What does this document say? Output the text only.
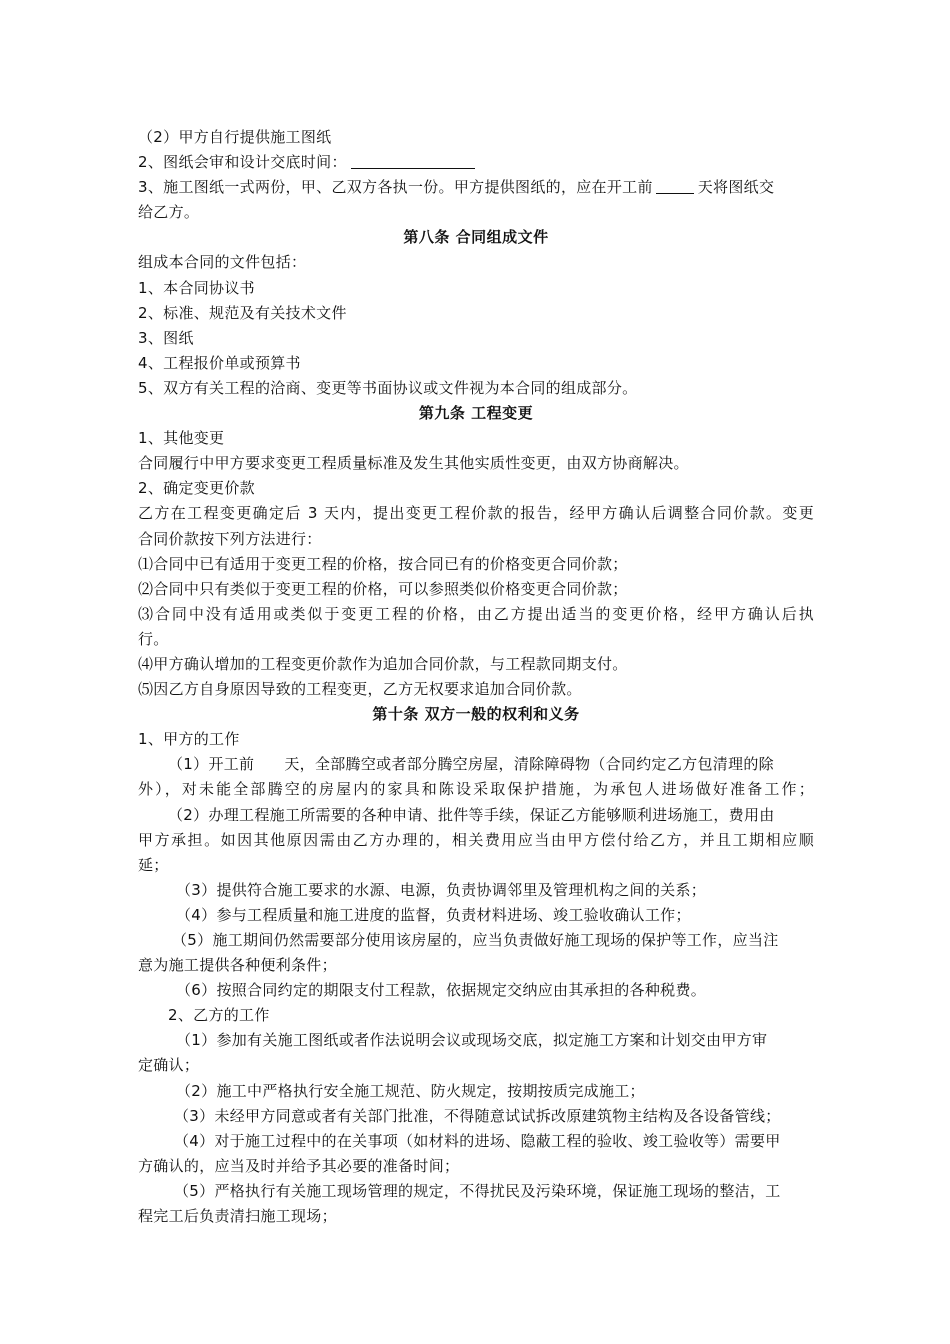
（2）甲方自行提供施工图纸
2、图纸会审和设计交底时间：
3、施工图纸一式两份，甲、乙双方各执一份。甲方提供图纸的，应在开工前	天将图纸交
给乙方。
第八条 合同组成文件
组成本合同的文件包括：
1、本合同协议书
2、标准、规范及有关技术文件
3、图纸
4、工程报价单或预算书
5、双方有关工程的洽商、变更等书面协议或文件视为本合同的组成部分。
第九条 工程变更
1、其他变更
合同履行中甲方要求变更工程质量标准及发生其他实质性变更，由双方协商解决。
2、确定变更价款
乙方在工程变更确定后 3 天内，提出变更工程价款的报告，经甲方确认后调整合同价款。变更
合同价款按下列方法进行：
⑴合同中已有适用于变更工程的价格，按合同已有的价格变更合同价款；
⑵合同中只有类似于变更工程的价格，可以参照类似价格变更合同价款；
⑶合同中没有适用或类似于变更工程的价格，由乙方提出适当的变更价格，经甲方确认后执
行。
⑷甲方确认增加的工程变更价款作为追加合同价款，与工程款同期支付。
⑸因乙方自身原因导致的工程变更，乙方无权要求追加合同价款。
第十条 双方一般的权利和义务
1、甲方的工作
（1）开工前 天，全部腾空或者部分腾空房屋，清除障碍物（合同约定乙方包清理的除
外），对未能全部腾空的房屋内的家具和陈设采取保护措施，为承包人进场做好准备工作；
（2）办理工程施工所需要的各种申请、批件等手续，保证乙方能够顺利进场施工，费用由
甲方承担。如因其他原因需由乙方办理的，相关费用应当由甲方偿付给乙方，并且工期相应顺
延；
（3）提供符合施工要求的水源、电源，负责协调邻里及管理机构之间的关系；
（4）参与工程质量和施工进度的监督，负责材料进场、竣工验收确认工作；
（5）施工期间仍然需要部分使用该房屋的，应当负责做好施工现场的保护等工作，应当注
意为施工提供各种便利条件；
（6）按照合同约定的期限支付工程款，依据规定交纳应由其承担的各种税费。
2、乙方的工作
（1）参加有关施工图纸或者作法说明会议或现场交底，拟定施工方案和计划交由甲方审
定确认；
（2）施工中严格执行安全施工规范、防火规定，按期按质完成施工；
（3）未经甲方同意或者有关部门批准，不得随意试试拆改原建筑物主结构及各设备管线；
（4）对于施工过程中的在关事项（如材料的进场、隐蔽工程的验收、竣工验收等）需要甲
方确认的，应当及时并给予其必要的准备时间；
（5）严格执行有关施工现场管理的规定，不得扰民及污染环境，保证施工现场的整洁，工
程完工后负责清扫施工现场；
